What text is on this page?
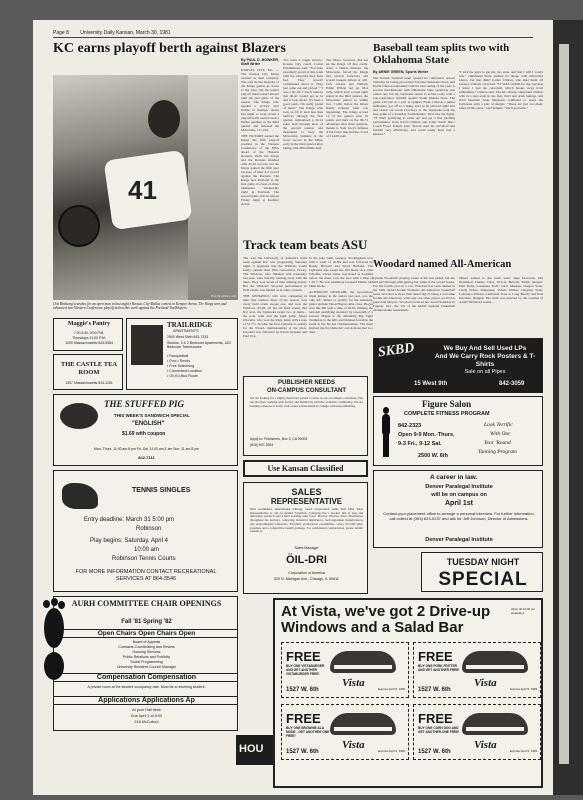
Page 8 University Daily Kansan, March 30, 1981
KC earns playoff berth against Blazers
41
Bob McAllister staff
Otis Birdsong searches for an open man in last night's Kansas City-Dallas contest in Kemper Arena. The Kings won and advanced into Western Conference playoff action this week against the Portland Trailblazers.
By PAUL D. BOWKER, Staff Writer
KANSAS CITY, Mo. —The Kansas City Kings secured in dual company. The only de the majority of the Kings games go down to the wire, but the team's playoff status wasn't known until the last game of the season. The Kings, who needed a victory over Dallas at Kemper Arena last night to wrap down a playoff berth, earned back a Dallas opening in the third quarter and defeated the Mavericks, 111-104.
THE VICTORY earned the Kings the fifth playoff position in the Western Conference of the NBA ahead of the Houston Rockets. Both the Kings and the Rockets finished with 40-42 records, but the Kings gained the fifth spot because of their 4-2 record against the Rockets. The Kings face Portland in the first game of a best-of-three miniseries Wednesday night in Portland. The second game will be played Friday night at Kemper Arena.
"It's been a tough season," Kansas City coach Cotton Fitzsimmons said. "I've been extremely proud of this team with the adversity they have had. They haven't complained about it. They just came out and played." "I was a bit off. I and it believe that 40-41 would get us in and it took 40-42. It's been a good team. I'm really proud of them." The Kings, who took an 18-11 lead less than halfway through the first quarter, maintained a 19-14 point lead through most of the second quarter and threatened to bury the Mavericks, builders of the worst record in the NBA, early in the third quarter after taking a 69-48 halftime lead.
The Mavs, however, did not let the Kings off that easily. After a Dallas timeout, the Mavericks forced the Kings into several turnovers and scored baskets almost at will. Jack Givens and Dallas's Eddie Wilson led an 18-4 rally, which took scored eight points in the third quarter, the Mavericks pulled to within two, 71-69, before the Kings finally realized what was happening. The Kings scored 12 of the game's next 16 points and held on the 89-71 advantage after three quarters, thanks to Sam Lacy's defense at the lower line and the crowd of 11,429 sold.
Baseball team splits two with Oklahoma State
By ARNIE GREEN, Sports Writer
The Kansas baseball team opened its conference season Saturday by losing pre-season favorite Oklahoma State, and Kevin Clinton responded with his best outing of the year. A second doubleheader with Oklahoma State yesterday was rained out, but the Jayhawks return to action today with a non-conference twinbill against South Dakota State. The game will start at 1 p.m. at Quigley Field. Clinton, a junior lefthander, got off to a shaky start as he allowed eight hits and struck out seven Cowboys as the Jayhawks took the first game of a Saturday doubleheader. That was the righty. "IT WAS gratifying to come out and get a fine pitching performance from Kevin Clinton and some clutch hits," Coach Floyd Temple said. "Kevin used his curveball and fastball very effectively, and could easily have had a shutout."
"I told the guys to get me two runs, and that I will I would win." Oklahoma State slashed its lineup with bifurcated hitters, but that didn't bother Clinton, who kept them off balance with his curveball. "IT WAS GOOD for me, because I knew I had the curveball, which breaks away from lefthanders," Clinton said. The KU offense supported Clinton with two runs each in the first, third and sixth innings, and third baseman Sean Mayhook continued to spark the Jayhawks with a pair of singles. "There are just too many times in this sport," said Temple. "We'll get better."
Track team beats ASU
The way the University of Arizona's track team against KU was progressing Saturday night, it appeared that the Wildcats would easily capture their fifth consecutive victory. The Wildcats, who finished 12th nationally last year, were literally running away with the meet. They won seven of nine running events. But the Wildcats' 92-point performance in field events was fielded as in other contests.
THE JAYHAWKS, who were competing in their first outdoor meet of the season, won every field event except one, and took the Wildcats, 93-63. Of the six field events that KU won, the Jayhawks swept two of them—the pole vault and the high jump. Sanya Owolabi, who won the triple jump with a leap of 51-7½, became the first Jayhawk to qualify for the NCAA championships at the meet. Owolabi was followed by Kevin Graham and Paul Tow.
In the pole vault, Gregory Rockingham won with a vault of 16-8¾ and was followed by Randy Howard and Steve Burland. The Jayhawks also swept the 100 meter race. Dan Schaffer, whose status was listed as doubtful before the meet, won the race with a time of 1:10.7. He was teammate Leonard Martin and Mike Ricks.
ALTHOUGH OWOLABI, the second-best triple jumper in the nation last year, was the only KU athlete to qualify for the nationals, junior sprinter Deon Hogan came close. Hogan won the 400 with a time of 46.61, missing the national qualifying standard by one-tenth of a second. Hogan is the defending Big Eight champion in the 400, and finished fourth in the event at the NCAA championships. The meet marked the first time KU and Arizona met in a dual.
Woodard named All-American
Lynette Woodard's playing career at KU has ended, but she still isn't through with putting her name in the record books. For the fourth year in a row, Woodard has been named to the 1981 AIAW-Kodak Women's All-American basketball team. Woodard is more than deserving of being a four-time Kodak All-American, with only one other player, ex-UCLA great Ann Meyers. Woodard received her award Saturday in Eugene, Ore., the site of the AIAW national basketball championship tournament.
Others named to the team were: Inge Donovan, Old Dominion; Denise Curry, UCLA; Beverly Smith, Oregon; Pam Kelly, Louisiana Tech; Carol Menken, Oregon State; Cindy Noble, Tennessee; Valerie Walker, Cheyney State; LaTaunya Pollard, California State at Long Beach; and Kris Kirchner, Rutgers. The team was selected by the coaches of AIAW Division I teams.
SKBD	We Buy And Sell Used LPs
And We Carry Rock Posters & T-Shirts
Sale on all Pipes
15 West 9th	842-3059
Figure Salon
COMPLETE FITNESS PROGRAM
842-2323
Open 9-9 Mon.-Thurs.
9-3 Fri., 9-12 Sat.
2500 W. 6th
Look Terrific
With Our
Year 'Round
Tanning Program
A career in law.
Denver Paralegal Institute
will be on campus on
April 1st
Contact your placement office to arrange a personal interview. For further information, call collect at (303) 623-0237 and ask for Jeff Johnson, Director of Admissions.
Denver Paralegal Institute
TUESDAY NIGHT
SPECIAL
Maggie's Pantry
7:30 A.M.-9:00 P.M.
Thursdays 11:00 P.M.
1000 Massachusetts 843-5484
THE CASTLE TEA ROOM
1307 Massachusetts 843-1151
TRAILRIDGE
APARTMENTS
2500 West Sixth 843-7333
Studios, 1 & 2 Bedroom Apartments, 2&3 Bedroom Townhouses
• Racquetball
• Pool • Tennis
• Free Swimming
• Convenient Location
• On KU Bus Route
THE STUFFED PIG
THIS WEEK'S SANDWICH SPECIAL
"ENGLISH"
$1.69 with coupon
Mon.-Thurs. 11:00 am-8 pm Fri.-Sat. 11:00 am-1 am Sun. 11 am-8 pm
842-7111
TENNIS SINGLES
Entry deadline: March 31 5:00 pm
Robinson
Play begins: Saturday, April 4
10:00 am
Robinson Tennis Courts
FOR MORE INFORMATION CONTACT RECREATIONAL SERVICES AT 864-3546
AURH COMMITTEE CHAIR OPENINGS
Fall '81 Spring '82
Open Chairs Open Chairs Open
Board of Appeals
Contracts Coordinating and Review
Housing Services
Public Relations and Publicity
Social Programming
University Resident Council Manager
Compensation Compensation
A private room at the student occupancy rate. Must be a returning student.
Applications Applications Ap
At your Hall desk
Due April 1 at 5:00
218 McCollum
PUBLISHER NEEDS
ON-CAMPUS CONSULTANT
We are looking for a highly motivated person to serve as our on-campus consultant. The job involves working with faculty and familiarity with the academic community. We are seeking someone to assist with career advancement in college textbook publishing.
Apply to: Publishers, Box 3, CA 90005
(818) 907-2903
Use Kansan Classified
SALES
REPRESENTATIVE
Well established, international Chicago based Corporation seeks Full Time Sales Representative to call on Animal Scientists. Company has a product line of new and innovative products and a hard-working sales force. Practice involves direct distribution throughout the territory, contacting industrial distributors, feed ingredient manufacturers and environmental industries. Excellent promotional possibilities; salary $15,000 plus; expenses and a competitive benefit package. For confidential consideration, please submit resume to:
Sales Manager
ÖIL-DRI
Corporation of America
520 N. Michigan Ave., Chicago, IL 60611
HOU
At Vista, we've got 2 Drive-up
Windows and a Salad Bar
Open till 11:00 pm weekdays
FREE
BUY ONE VISTABURGER AND GET ANOTHER VISTABURGER FREE!
Vista
1527 W. 6th	Expires April 5, 1981
FREE
BUY ONE PORK FRITTER AND GET ANOTHER FREE!
Vista
1527 W. 6th	Expires April 5, 1981
FREE
BUY ONE BROWNIE ALA MODE - GET ANOTHER ONE FREE!
Vista
1527 W. 6th	Expires April 5, 1981
FREE
BUY ONE CORN DOG AND GET ANOTHER ONE FREE!
Vista
1527 W. 6th	Expires April 5, 1981
